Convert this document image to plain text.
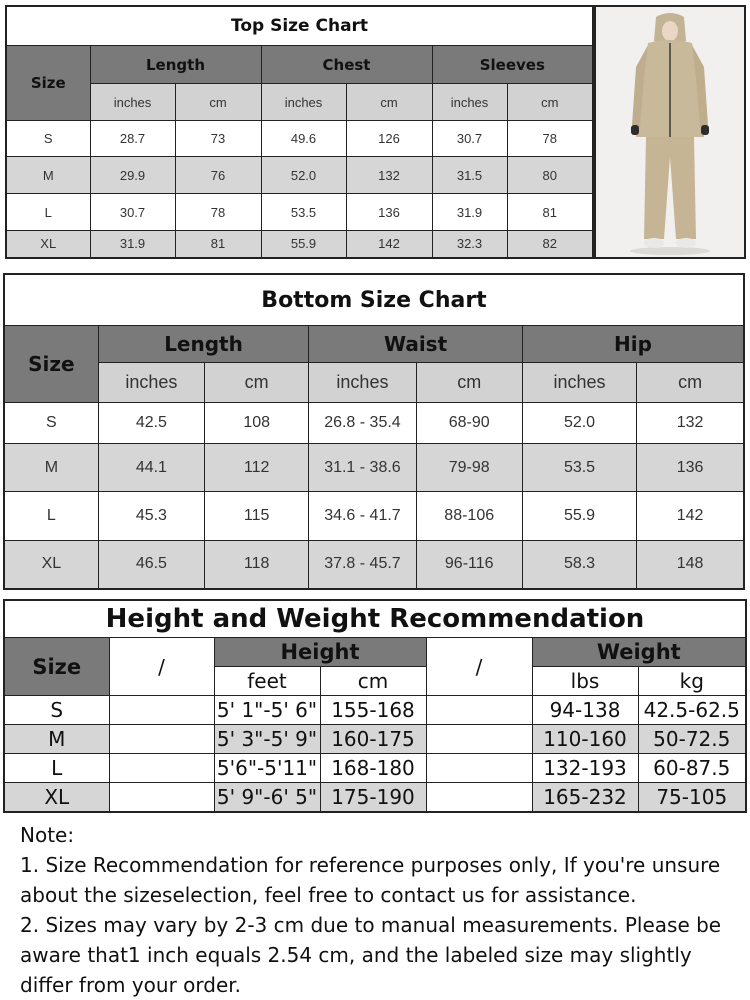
Top Size Chart						
Size	Length		Chest		Sleeves	
	inches	cm	inches	cm	inches	cm
S	28.7	73	49.6	126	30.7	78
M	29.9	76	52.0	132	31.5	80
L	30.7	78	53.5	136	31.9	81
XL	31.9	81	55.9	142	32.3	82
Bottom Size Chart						
Size	Length		Waist		Hip	
	inches	cm	inches	cm	inches	cm
S	42.5	108	26.8 - 35.4	68-90	52.0	132
M	44.1	112	31.1 - 38.6	79-98	53.5	136
L	45.3	115	34.6 - 41.7	88-106	55.9	142
XL	46.5	118	37.8 - 45.7	96-116	58.3	148
Height and Weight Recommendation						
Size	/	Height		/	Weight	
		feet	cm		lbs	kg
S		5' 1"-5' 6"	155-168		94-138	42.5-62.5
M		5' 3"-5' 9"	160-175		110-160	50-72.5
L		5'6"-5'11"	168-180		132-193	60-87.5
XL		5' 9"-6' 5"	175-190		165-232	75-105

Note:

1. Size Recommendation for reference purposes only, If you're unsure about the sizeselection, feel free to contact us for assistance.

2. Sizes may vary by 2-3 cm due to manual measurements. Please be aware that1 inch equals 2.54 cm, and the labeled size may slightly differ from your order.
